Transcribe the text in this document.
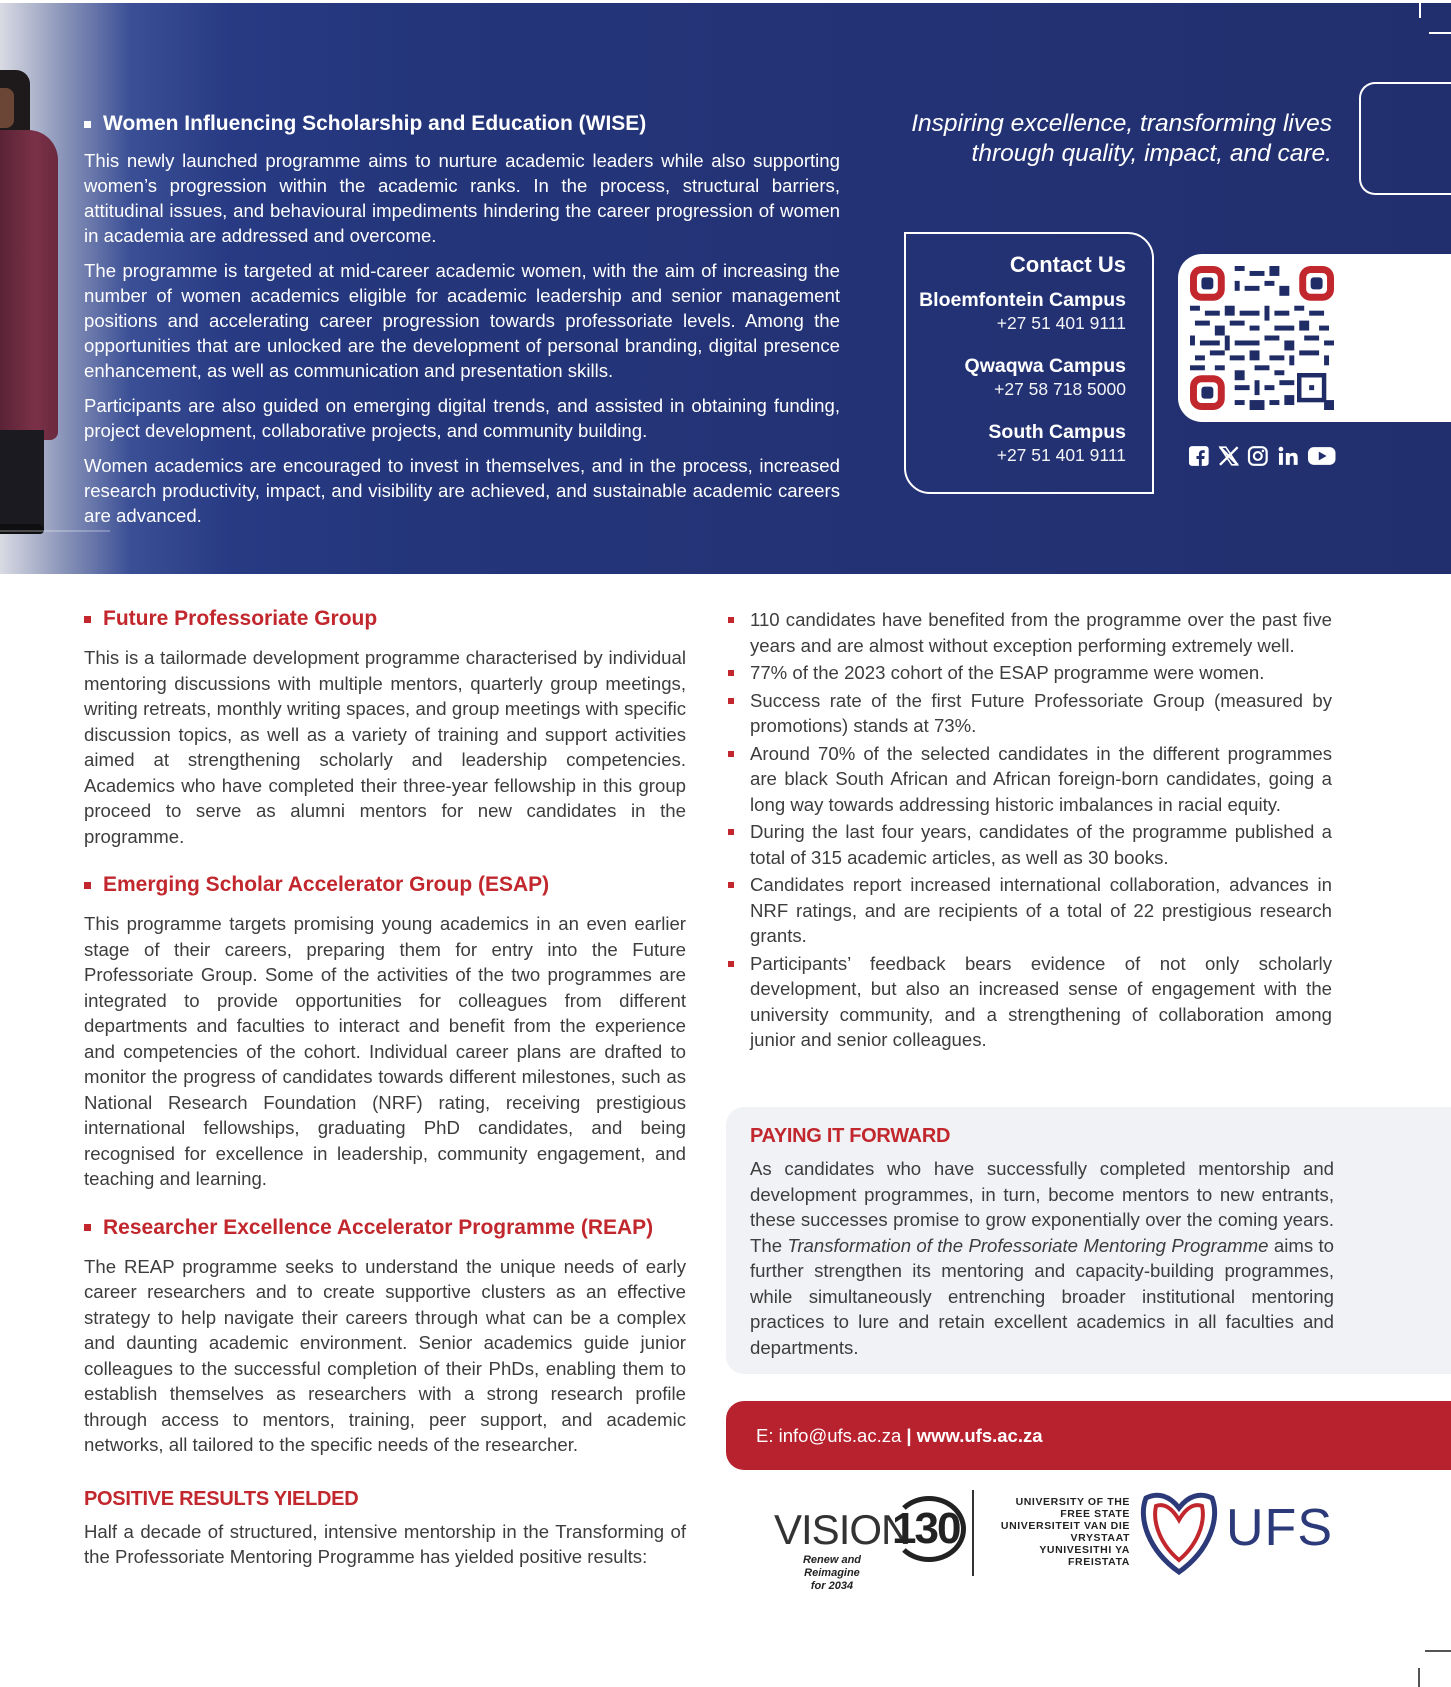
Women Influencing Scholarship and Education (WISE)

This newly launched programme aims to nurture academic leaders while also supporting women’s progression within the academic ranks. In the process, structural barriers, attitudinal issues, and behavioural impediments hindering the career progression of women in academia are addressed and overcome.

The programme is targeted at mid-career academic women, with the aim of increasing the number of women academics eligible for academic leadership and senior management positions and accelerating career progression towards professoriate levels. Among the opportunities that are unlocked are the development of personal branding, digital presence enhancement, as well as communication and presentation skills.

Participants are also guided on emerging digital trends, and assisted in obtaining funding, project development, collaborative projects, and community building.

Women academics are encouraged to invest in themselves, and in the process, increased research productivity, impact, and visibility are achieved, and sustainable academic careers are advanced.

Inspiring excellence, transforming lives
through quality, impact, and care.
Contact Us
Bloemfontein Campus
+27 51 401 9111
Qwaqwa Campus
+27 58 718 5000
South Campus
+27 51 401 9111
Future Professoriate Group

This is a tailormade development programme characterised by individual mentoring discussions with multiple mentors, quarterly group meetings, writing retreats, monthly writing spaces, and group meetings with specific discussion topics, as well as a variety of training and support activities aimed at strengthening scholarly and leadership competencies. Academics who have completed their three-year fellowship in this group proceed to serve as alumni mentors for new candidates in the programme.

Emerging Scholar Accelerator Group (ESAP)

This programme targets promising young academics in an even earlier stage of their careers, preparing them for entry into the Future Professoriate Group. Some of the activities of the two programmes are integrated to provide opportunities for colleagues from different departments and faculties to interact and benefit from the experience and competencies of the cohort. Individual career plans are drafted to monitor the progress of candidates towards different milestones, such as National Research Foundation (NRF) rating, receiving prestigious international fellowships, graduating PhD candidates, and being recognised for excellence in leadership, community engagement, and teaching and learning.

Researcher Excellence Accelerator Programme (REAP)

The REAP programme seeks to understand the unique needs of early career researchers and to create supportive clusters as an effective strategy to help navigate their careers through what can be a complex and daunting academic environment. Senior academics guide junior colleagues to the successful completion of their PhDs, enabling them to establish themselves as researchers with a strong research profile through access to mentors, training, peer support, and academic networks, all tailored to the specific needs of the researcher.

POSITIVE RESULTS YIELDED

Half a decade of structured, intensive mentorship in the Transforming of the Professoriate Mentoring Programme has yielded positive results:

110 candidates have benefited from the programme over the past five years and are almost without exception performing extremely well.
77% of the 2023 cohort of the ESAP programme were women.
Success rate of the first Future Professoriate Group (measured by promotions) stands at 73%.
Around 70% of the selected candidates in the different programmes are black South African and African foreign-born candidates, going a long way towards addressing historic imbalances in racial equity.
During the last four years, candidates of the programme published a total of 315 academic articles, as well as 30 books.
Candidates report increased international collaboration, advances in NRF ratings, and are recipients of a total of 22 prestigious research grants.
Participants’ feedback bears evidence of not only scholarly development, but also an increased sense of engagement with the university community, and a strengthening of collaboration among junior and senior colleagues.
PAYING IT FORWARD

As candidates who have successfully completed mentorship and development programmes, in turn, become mentors to new entrants, these successes promise to grow exponentially over the coming years. The Transformation of the Professoriate Mentoring Programme aims to further strengthen its mentoring and capacity-building programmes, while simultaneously entrenching broader institutional mentoring practices to lure and retain excellent academics in all faculties and departments.

E: info@ufs.ac.za | www.ufs.ac.za
VISION
130
Renew and Reimagine
for 2034
UNIVERSITY OF THE
FREE STATE
UNIVERSITEIT VAN DIE
VRYSTAAT
YUNIVESITHI YA
FREISTATA
UFS
